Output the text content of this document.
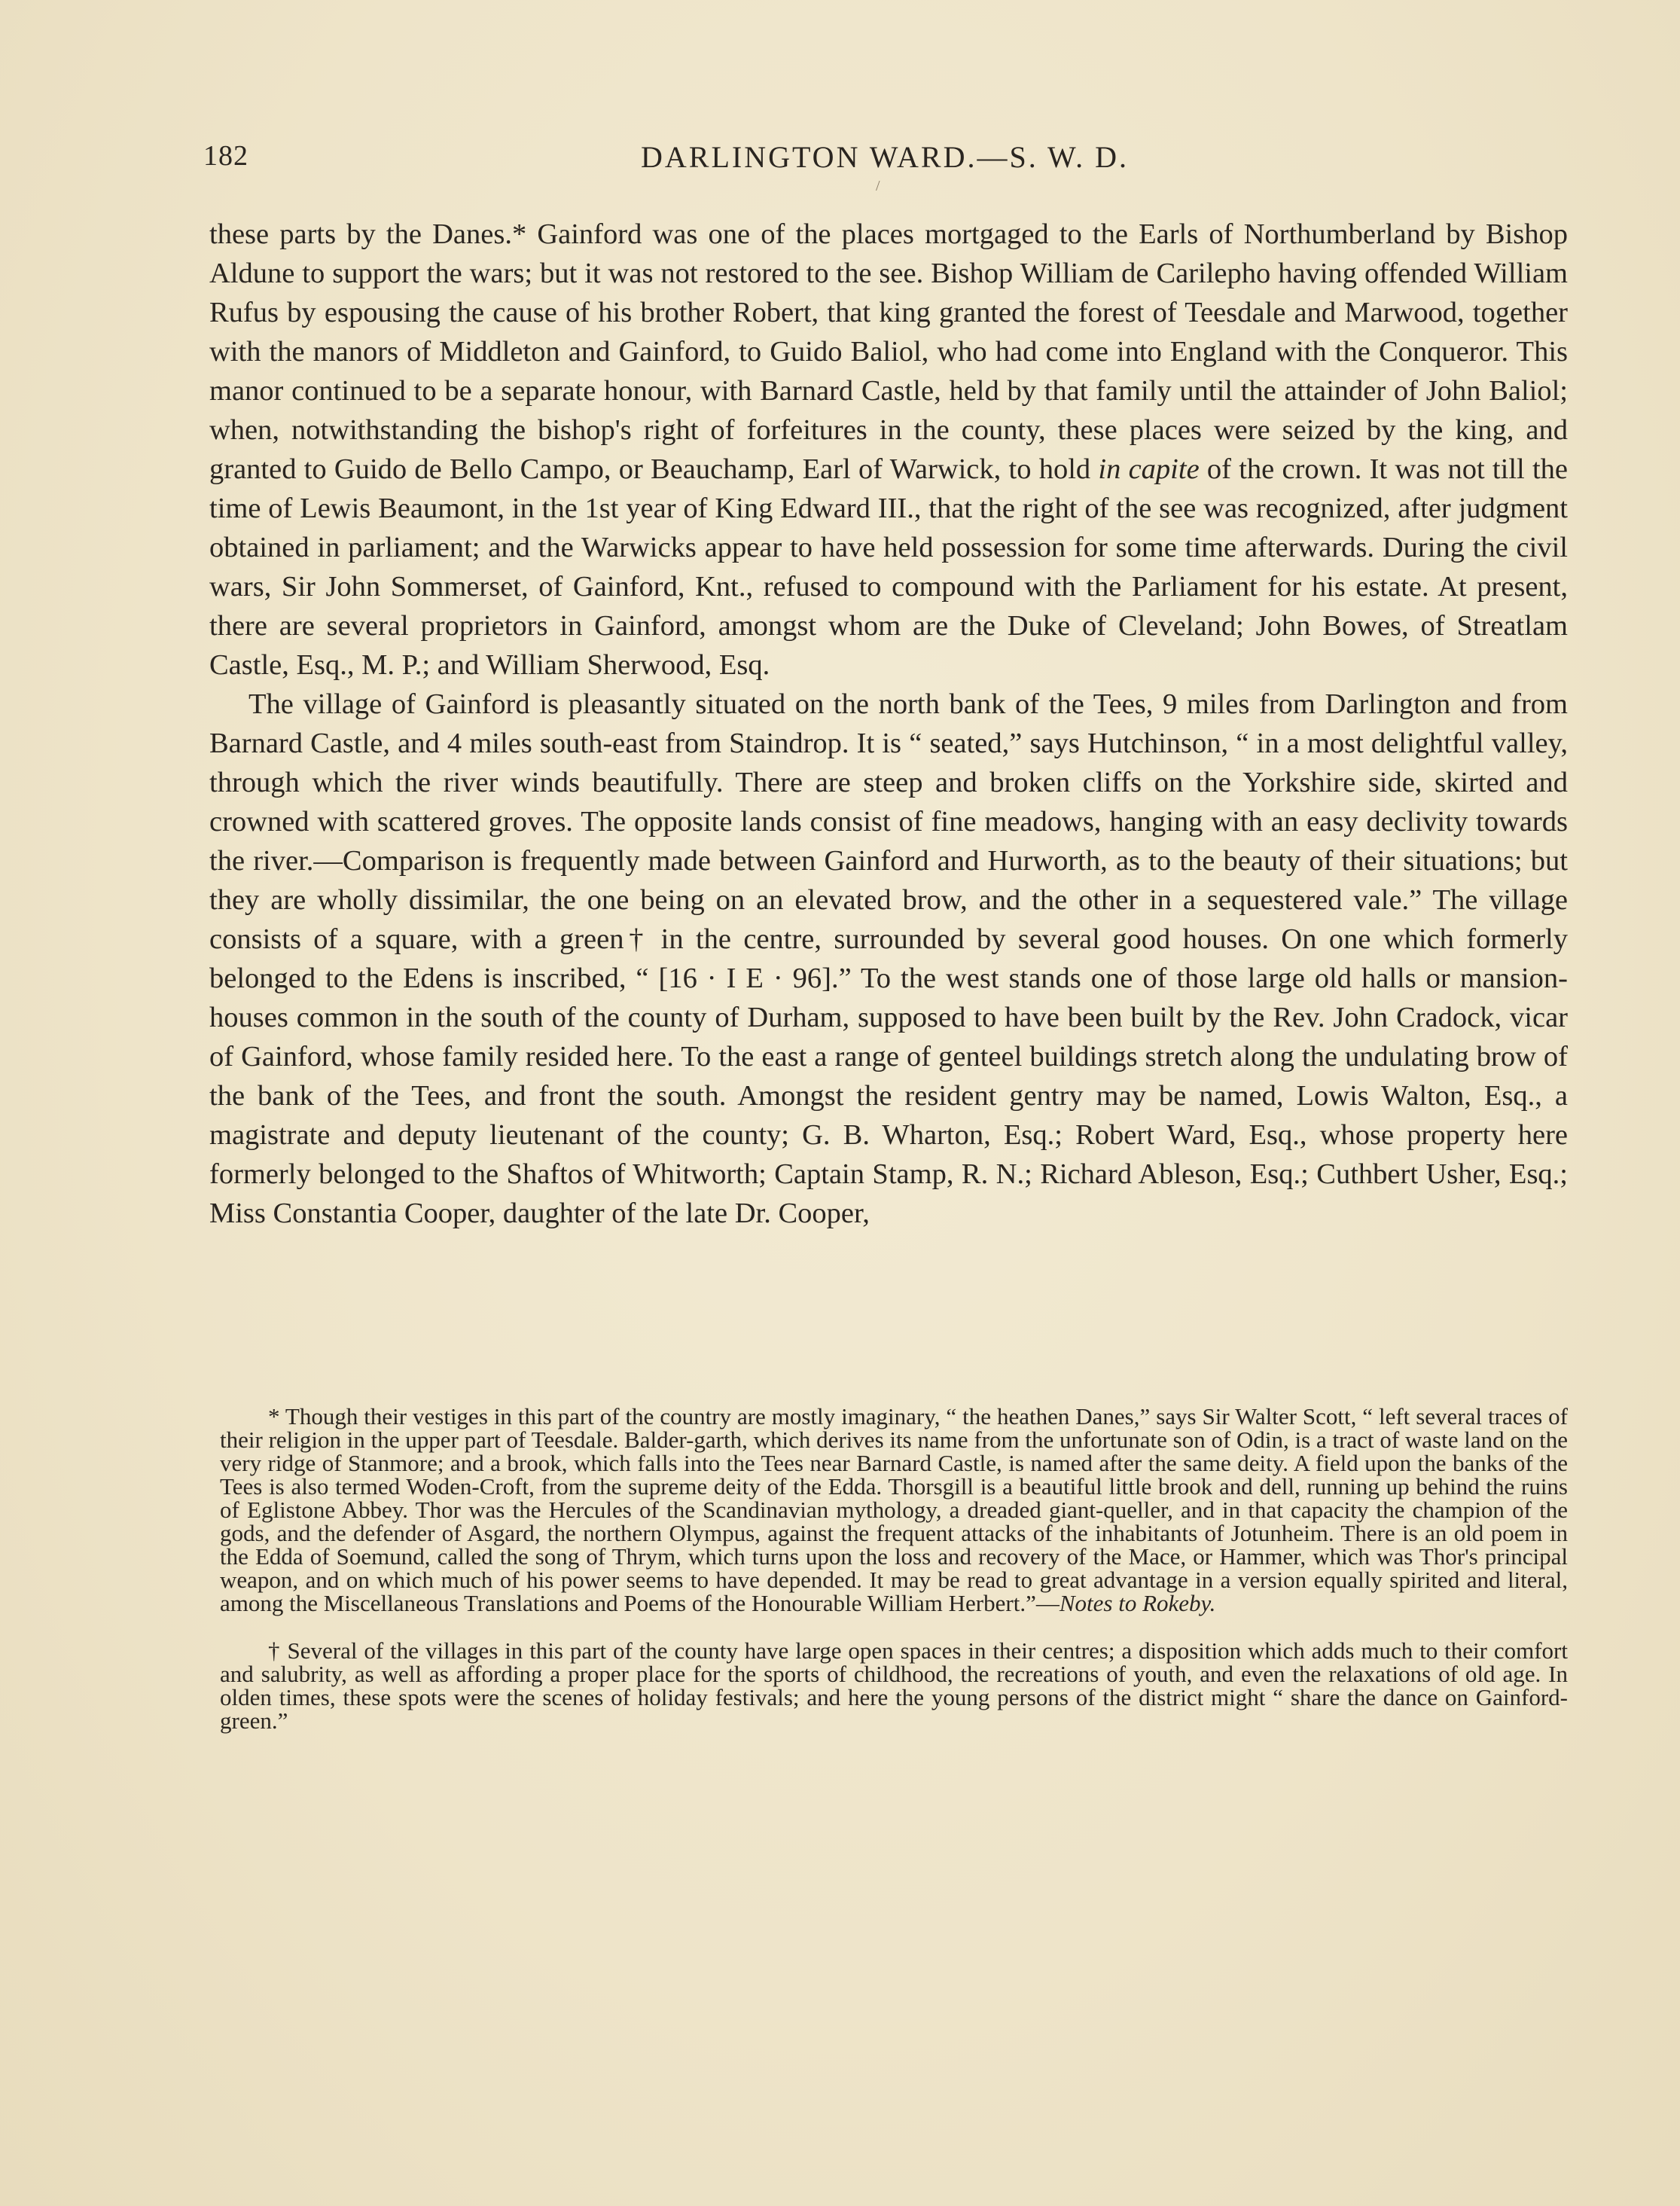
182	DARLINGTON WARD.—S. W. D.
/

these parts by the Danes.* Gainford was one of the places mortgaged to the Earls of Northumberland by Bishop Aldune to support the wars; but it was not restored to the see. Bishop William de Carilepho having offended William Rufus by espousing the cause of his brother Robert, that king granted the forest of Teesdale and Marwood, together with the manors of Middleton and Gainford, to Guido Baliol, who had come into England with the Conqueror. This manor continued to be a separate honour, with Barnard Castle, held by that family until the attainder of John Baliol; when, notwithstanding the bishop's right of forfeitures in the county, these places were seized by the king, and granted to Guido de Bello Campo, or Beauchamp, Earl of Warwick, to hold in capite of the crown. It was not till the time of Lewis Beaumont, in the 1st year of King Edward III., that the right of the see was recognized, after judgment obtained in parliament; and the Warwicks appear to have held possession for some time afterwards. During the civil wars, Sir John Sommerset, of Gainford, Knt., refused to compound with the Parliament for his estate. At present, there are several proprietors in Gainford, amongst whom are the Duke of Cleveland; John Bowes, of Streatlam Castle, Esq., M. P.; and William Sherwood, Esq.

The village of Gainford is pleasantly situated on the north bank of the Tees, 9 miles from Darlington and from Barnard Castle, and 4 miles south-east from Staindrop. It is “ seated,” says Hutchinson, “ in a most delightful valley, through which the river winds beautifully. There are steep and broken cliffs on the Yorkshire side, skirted and crowned with scattered groves. The opposite lands consist of fine meadows, hanging with an easy declivity towards the river.—Comparison is frequently made between Gainford and Hurworth, as to the beauty of their situations; but they are wholly dissimilar, the one being on an elevated brow, and the other in a sequestered vale.” The village consists of a square, with a green† in the centre, surrounded by several good houses. On one which formerly belonged to the Edens is inscribed, “ [16 · I E · 96].” To the west stands one of those large old halls or mansion-houses common in the south of the county of Durham, supposed to have been built by the Rev. John Cradock, vicar of Gainford, whose family resided here. To the east a range of genteel buildings stretch along the undulating brow of the bank of the Tees, and front the south. Amongst the resident gentry may be named, Lowis Walton, Esq., a magistrate and deputy lieutenant of the county; G. B. Wharton, Esq.; Robert Ward, Esq., whose property here formerly belonged to the Shaftos of Whitworth; Captain Stamp, R. N.; Richard Ableson, Esq.; Cuthbert Usher, Esq.; Miss Constantia Cooper, daughter of the late Dr. Cooper,

* Though their vestiges in this part of the country are mostly imaginary, “ the heathen Danes,” says Sir Walter Scott, “ left several traces of their religion in the upper part of Teesdale. Balder-garth, which derives its name from the unfortunate son of Odin, is a tract of waste land on the very ridge of Stanmore; and a brook, which falls into the Tees near Barnard Castle, is named after the same deity. A field upon the banks of the Tees is also termed Woden-Croft, from the supreme deity of the Edda. Thorsgill is a beautiful little brook and dell, running up behind the ruins of Eglistone Abbey. Thor was the Hercules of the Scandinavian mythology, a dreaded giant-queller, and in that capacity the champion of the gods, and the defender of Asgard, the northern Olympus, against the frequent attacks of the inhabitants of Jotunheim. There is an old poem in the Edda of Soemund, called the song of Thrym, which turns upon the loss and recovery of the Mace, or Hammer, which was Thor's principal weapon, and on which much of his power seems to have depended. It may be read to great advantage in a version equally spirited and literal, among the Miscellaneous Translations and Poems of the Honourable William Herbert.”—Notes to Rokeby.

† Several of the villages in this part of the county have large open spaces in their centres; a disposition which adds much to their comfort and salubrity, as well as affording a proper place for the sports of childhood, the recreations of youth, and even the relaxations of old age. In olden times, these spots were the scenes of holiday festivals; and here the young persons of the district might “ share the dance on Gainford-green.”
